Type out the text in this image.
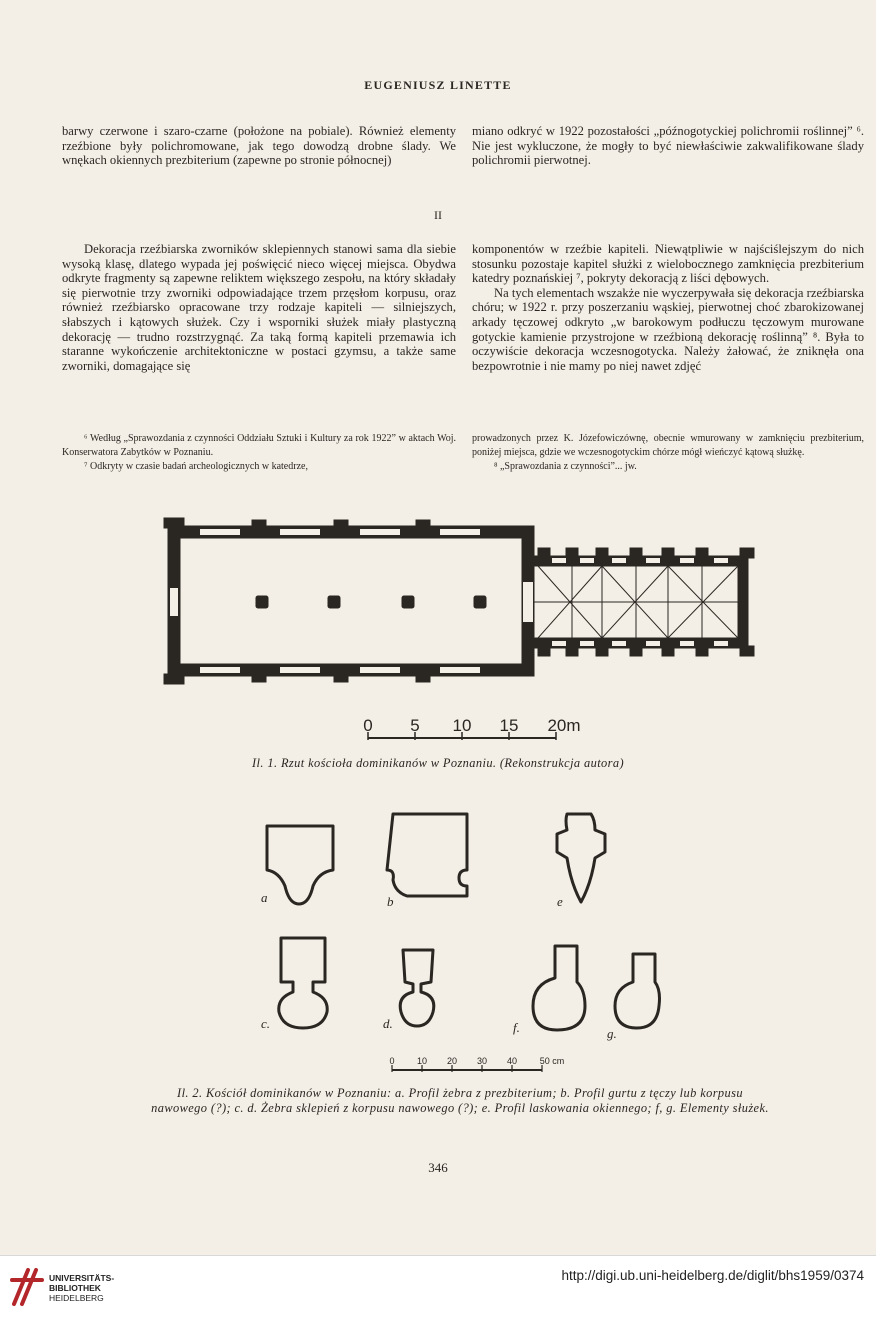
EUGENIUSZ LINETTE

barwy czerwone i szaro-czarne (położone na pobiale). Również elementy rzeźbione były polichromowane, jak tego dowodzą drobne ślady. We wnękach okiennych prezbiterium (zapewne po stronie północnej)

miano odkryć w 1922 pozostałości „późnogotyckiej polichromii roślinnej” ⁶. Nie jest wykluczone, że mogły to być niewłaściwie zakwalifikowane ślady polichromii pierwotnej.

II

Dekoracja rzeźbiarska zworników sklepiennych stanowi sama dla siebie wysoką klasę, dlatego wypada jej poświęcić nieco więcej miejsca. Obydwa odkryte fragmenty są zapewne reliktem większego zespołu, na który składały się pierwotnie trzy zworniki odpowiadające trzem przęsłom korpusu, oraz również rzeźbiarsko opracowane trzy rodzaje kapiteli — silniejszych, słabszych i kątowych służek. Czy i wsporniki służek miały plastyczną dekorację — trudno rozstrzygnąć. Za taką formą kapiteli przemawia ich staranne wykończenie architektoniczne w postaci gzymsu, a także same zworniki, domagające się

komponentów w rzeźbie kapiteli. Niewątpliwie w najściślejszym do nich stosunku pozostaje kapitel służki z wielobocznego zamknięcia prezbiterium katedry poznańskiej ⁷, pokryty dekoracją z liści dębowych.

Na tych elementach wszakże nie wyczerpywała się dekoracja rzeźbiarska chóru; w 1922 r. przy poszerzaniu wąskiej, pierwotnej choć zbarokizowanej arkady tęczowej odkryto „w barokowym podłuczu tęczowym murowane gotyckie kamienie przystrojone w rzeźbioną dekorację roślinną” ⁸. Była to oczywiście dekoracja wczesnogotycka. Należy żałować, że zniknęła ona bezpowrotnie i nie mamy po niej nawet zdjęć

⁶ Według „Sprawozdania z czynności Oddziału Sztuki i Kultury za rok 1922” w aktach Woj. Konserwatora Zabytków w Poznaniu.

⁷ Odkryty w czasie badań archeologicznych w katedrze,

prowadzonych przez K. Józefowiczównę, obecnie wmurowany w zamknięciu prezbiterium, poniżej miejsca, gdzie we wczesnogotyckim chórze mógł wieńczyć kątową służkę.

⁸ „Sprawozdania z czynności”... jw.

0 5 10 15 20m
Il. 1. Rzut kościoła dominikanów w Poznaniu. (Rekonstrukcja autora)
a	b	e
c.	d.	f.	g.
0 10 20 30 40	50 cm
Il. 2. Kościół dominikanów w Poznaniu: a. Profil żebra z prezbiterium; b. Profil gurtu z tęczy lub korpusu nawowego (?); c. d. Żebra sklepień z korpusu nawowego (?); e. Profil laskowania okiennego; f, g. Elementy służek.
346
UNIVERSITÄTS-
BIBLIOTHEK
HEIDELBERG
http://digi.ub.uni-heidelberg.de/diglit/bhs1959/0374
